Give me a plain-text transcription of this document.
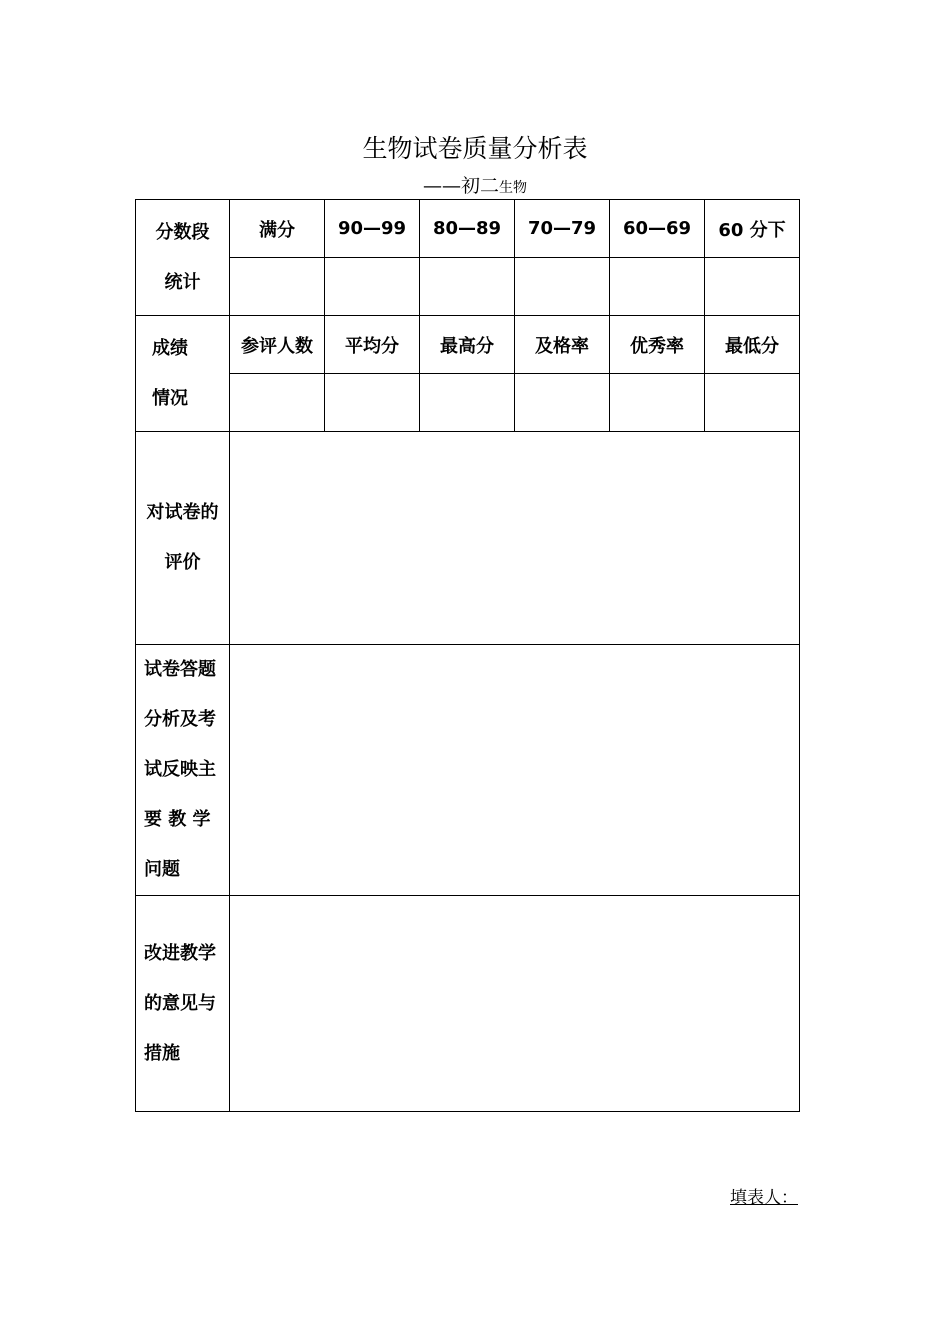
生物试卷质量分析表
——初二生物
分数段
统计	满分	90—99	80—89	70—79	60—69	60 分下

成绩
情况	参评人数	平均分	最高分	及格率	优秀率	最低分

对试卷的
评价						

试卷答题
分析及考
试反映主
要 教 学
问题						

改进教学
的意见与
措施						

填表人：
